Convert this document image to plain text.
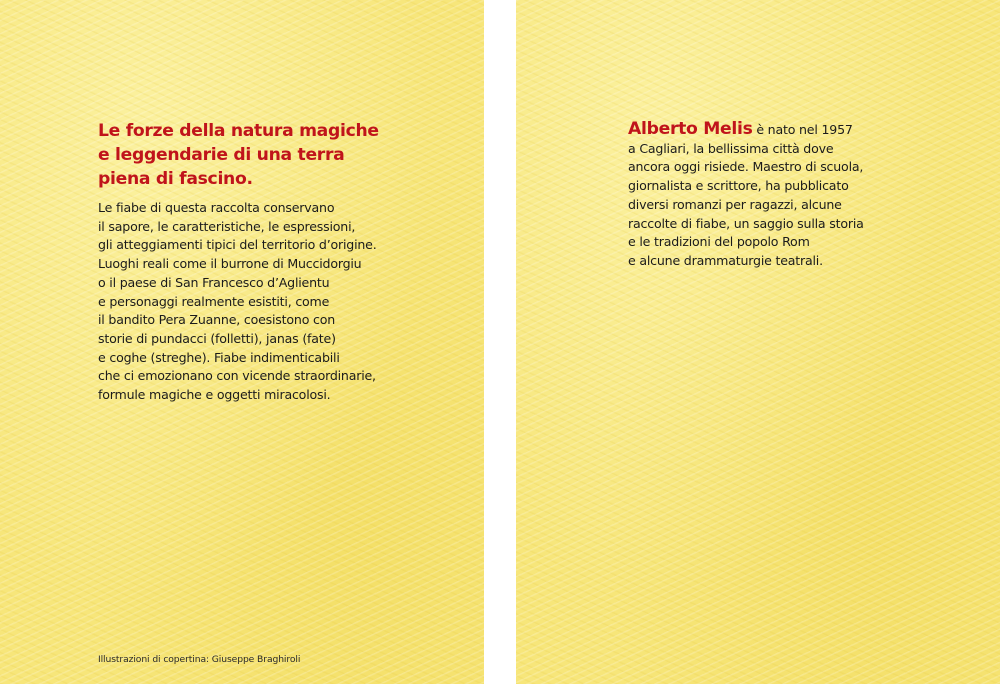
Le forze della natura magiche
e leggendarie di una terra
piena di fascino.

Le fiabe di questa raccolta conservano
il sapore, le caratteristiche, le espressioni,
gli atteggiamenti tipici del territorio d’origine.
Luoghi reali come il burrone di Muccidorgiu
o il paese di San Francesco d’Aglientu
e personaggi realmente esistiti, come
il bandito Pera Zuanne, coesistono con
storie di pundacci (folletti), janas (fate)
e coghe (streghe). Fiabe indimenticabili
che ci emozionano con vicende straordinarie,
formule magiche e oggetti miracolosi.

Illustrazioni di copertina: Giuseppe Braghiroli

Alberto Melis è nato nel 1957
a Cagliari, la bellissima città dove
ancora oggi risiede. Maestro di scuola,
giornalista e scrittore, ha pubblicato
diversi romanzi per ragazzi, alcune
raccolte di fiabe, un saggio sulla storia
e le tradizioni del popolo Rom
e alcune drammaturgie teatrali.
